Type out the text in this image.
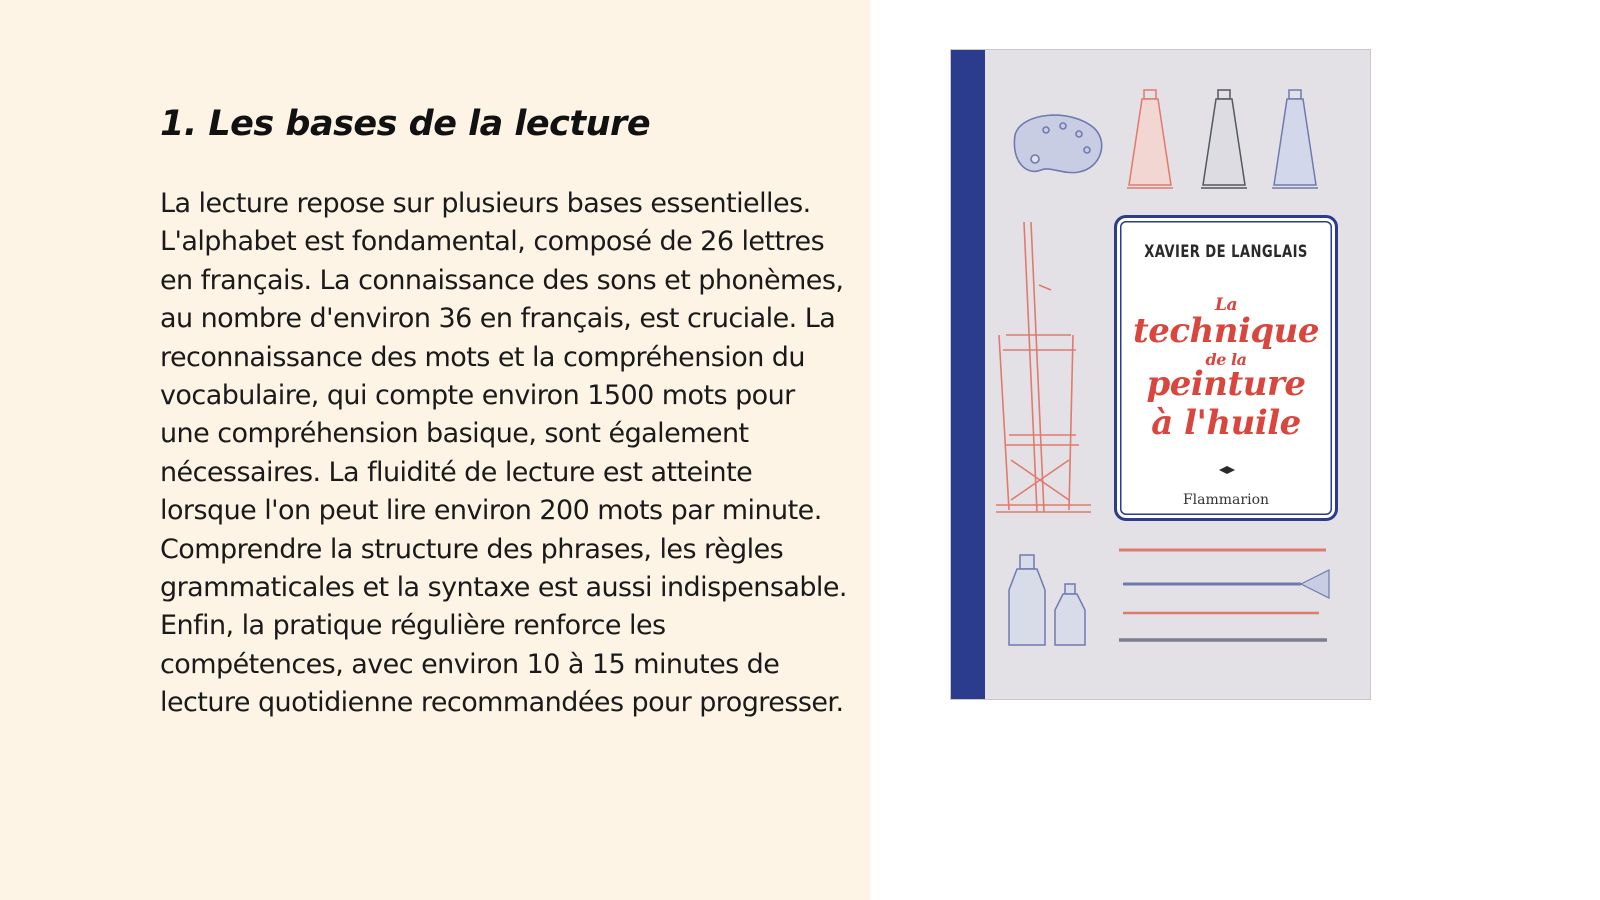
1. Les bases de la lecture

La lecture repose sur plusieurs bases essentielles. L'alphabet est fondamental, composé de 26 lettres en français. La connaissance des sons et phonèmes, au nombre d'environ 36 en français, est cruciale. La reconnaissance des mots et la compréhension du vocabulaire, qui compte environ 1500 mots pour une compréhension basique, sont également nécessaires. La fluidité de lecture est atteinte lorsque l'on peut lire environ 200 mots par minute. Comprendre la structure des phrases, les règles grammaticales et la syntaxe est aussi indispensable. Enfin, la pratique régulière renforce les compétences, avec environ 10 à 15 minutes de lecture quotidienne recommandées pour progresser.

XAVIER DE LANGLAIS
La
technique
de la
peinture
à l'huile
Flammarion
